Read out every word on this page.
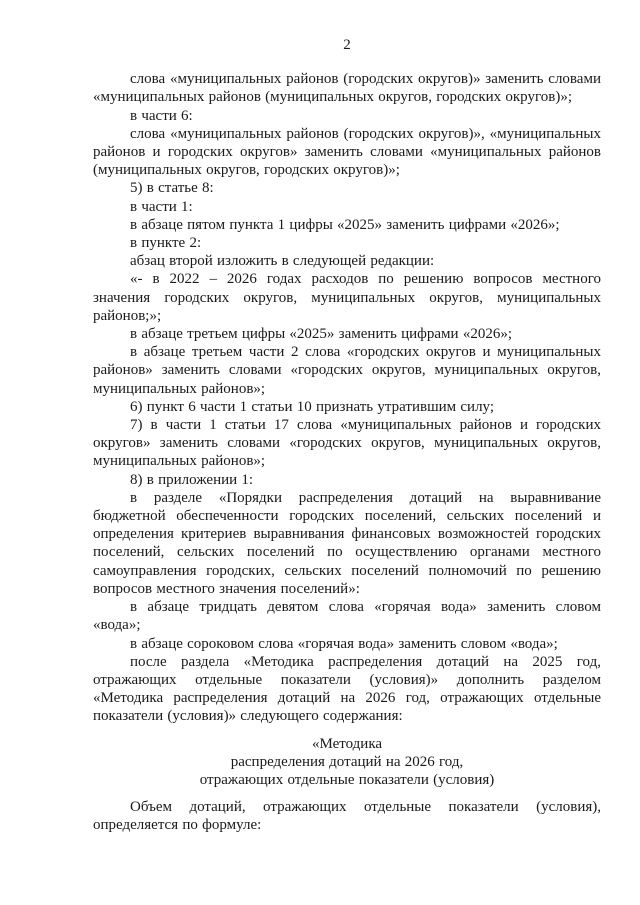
2

слова «муниципальных районов (городских округов)» заменить словами «муниципальных районов (муниципальных округов, городских округов)»;

в части 6:

слова «муниципальных районов (городских округов)», «муниципальных районов и городских округов» заменить словами «муниципальных районов (муниципальных округов, городских округов)»;

5) в статье 8:

в части 1:

в абзаце пятом пункта 1 цифры «2025» заменить цифрами «2026»;

в пункте 2:

абзац второй изложить в следующей редакции:

«- в 2022 – 2026 годах расходов по решению вопросов местного значения городских округов, муниципальных округов, муниципальных районов;»;

в абзаце третьем цифры «2025» заменить цифрами «2026»;

в абзаце третьем части 2 слова «городских округов и муниципальных районов» заменить словами «городских округов, муниципальных округов, муниципальных районов»;

6) пункт 6 части 1 статьи 10 признать утратившим силу;

7) в части 1 статьи 17 слова «муниципальных районов и городских округов» заменить словами «городских округов, муниципальных округов, муниципальных районов»;

8) в приложении 1:

в разделе «Порядки распределения дотаций на выравнивание бюджетной обеспеченности городских поселений, сельских поселений и определения критериев выравнивания финансовых возможностей городских поселений, сельских поселений по осуществлению органами местного самоуправления городских, сельских поселений полномочий по решению вопросов местного значения поселений»:

в абзаце тридцать девятом слова «горячая вода» заменить словом «вода»;

в абзаце сороковом слова «горячая вода» заменить словом «вода»;

после раздела «Методика распределения дотаций на 2025 год, отражающих отдельные показатели (условия)» дополнить разделом «Методика распределения дотаций на 2026 год, отражающих отдельные показатели (условия)» следующего содержания:

«Методика

распределения дотаций на 2026 год,

отражающих отдельные показатели (условия)

Объем дотаций, отражающих отдельные показатели (условия), определяется по формуле:
